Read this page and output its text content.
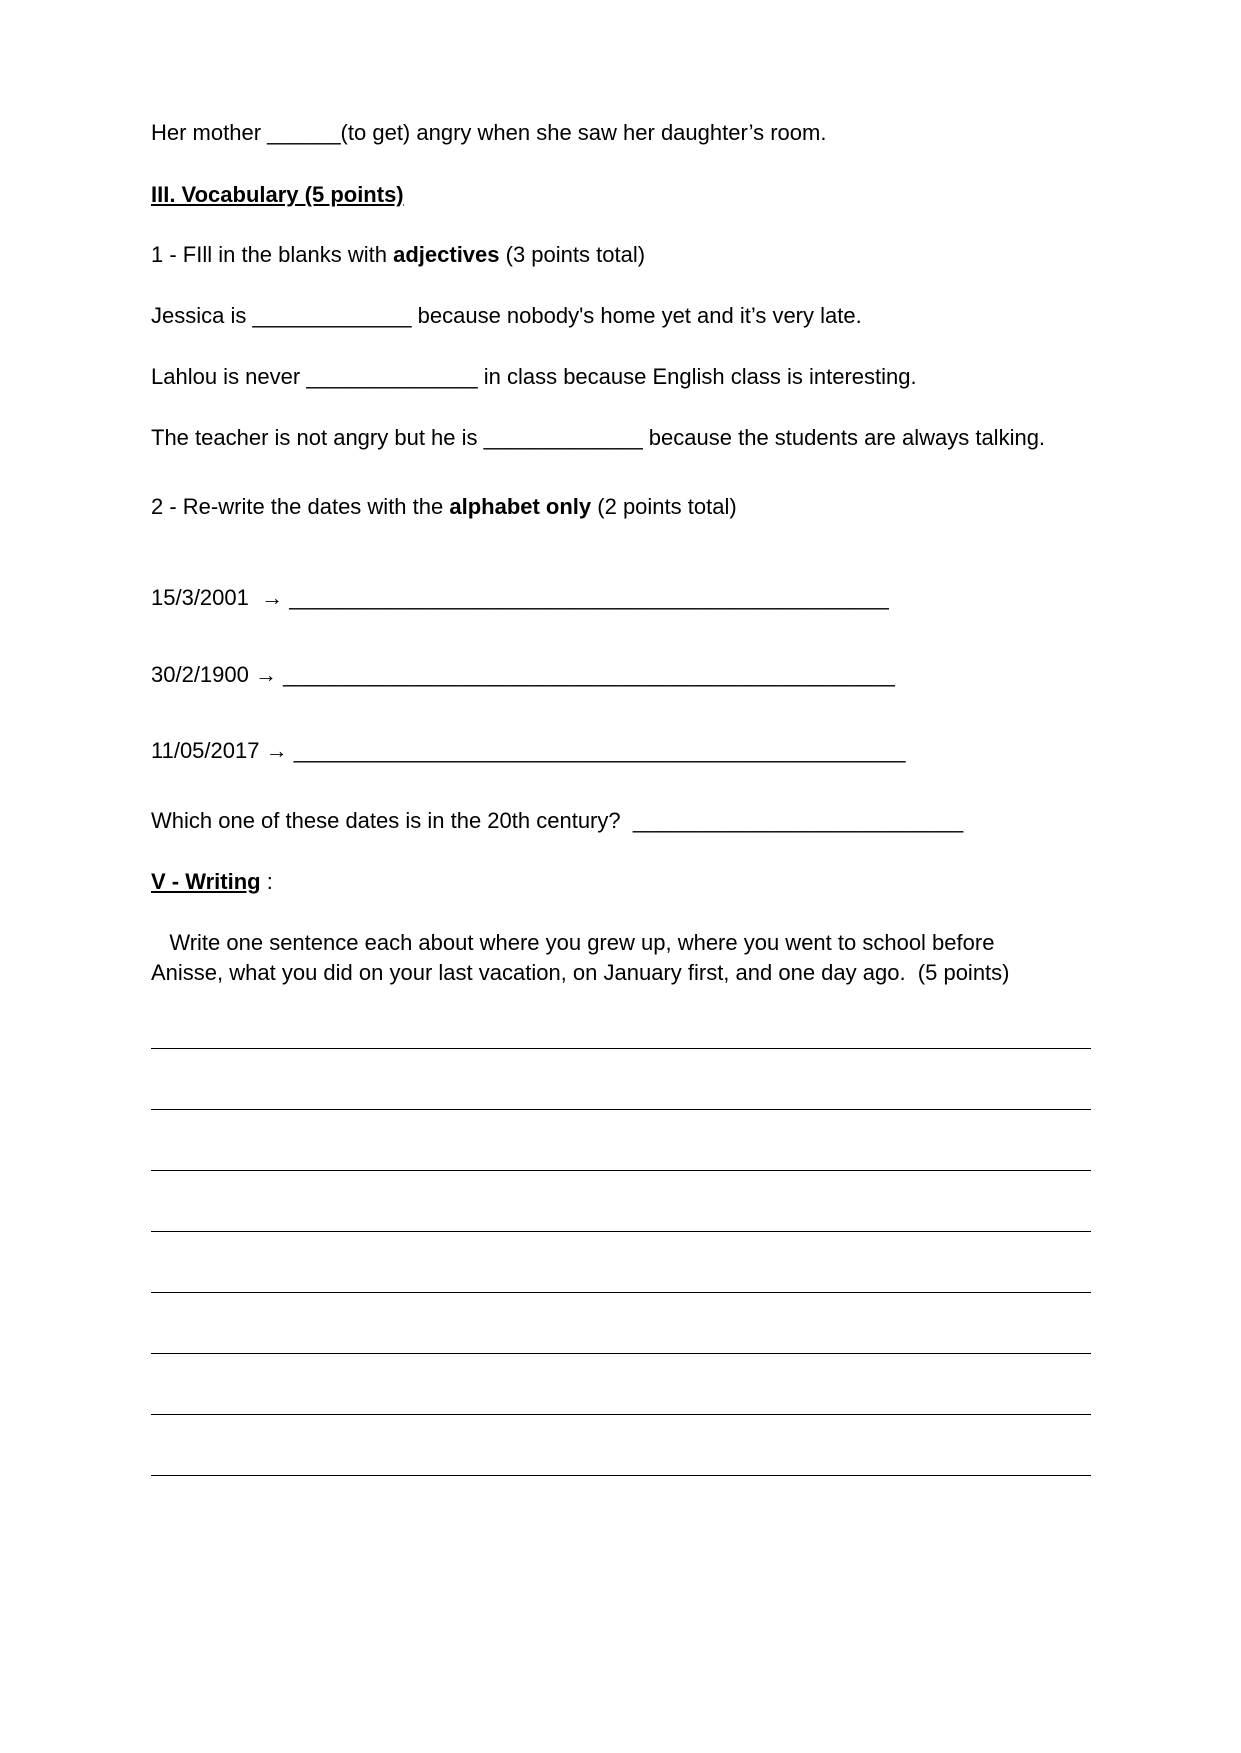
Her mother ______(to get) angry when she saw her daughter’s room.
III. Vocabulary (5 points)
1 - FIll in the blanks with adjectives (3 points total)
Jessica is _____________ because nobody's home yet and it’s very late.
Lahlou is never ______________ in class because English class is interesting.
The teacher is not angry but he is _____________ because the students are always talking.
2 - Re-write the dates with the alphabet only (2 points total)
15/3/2001  → _________________________________________________
30/2/1900 → __________________________________________________
11/05/2017 → __________________________________________________
Which one of these dates is in the 20th century?  ___________________________
V - Writing :
Write one sentence each about where you grew up, where you went to school before
Anisse, what you did on your last vacation, on January first, and one day ago.  (5 points)
